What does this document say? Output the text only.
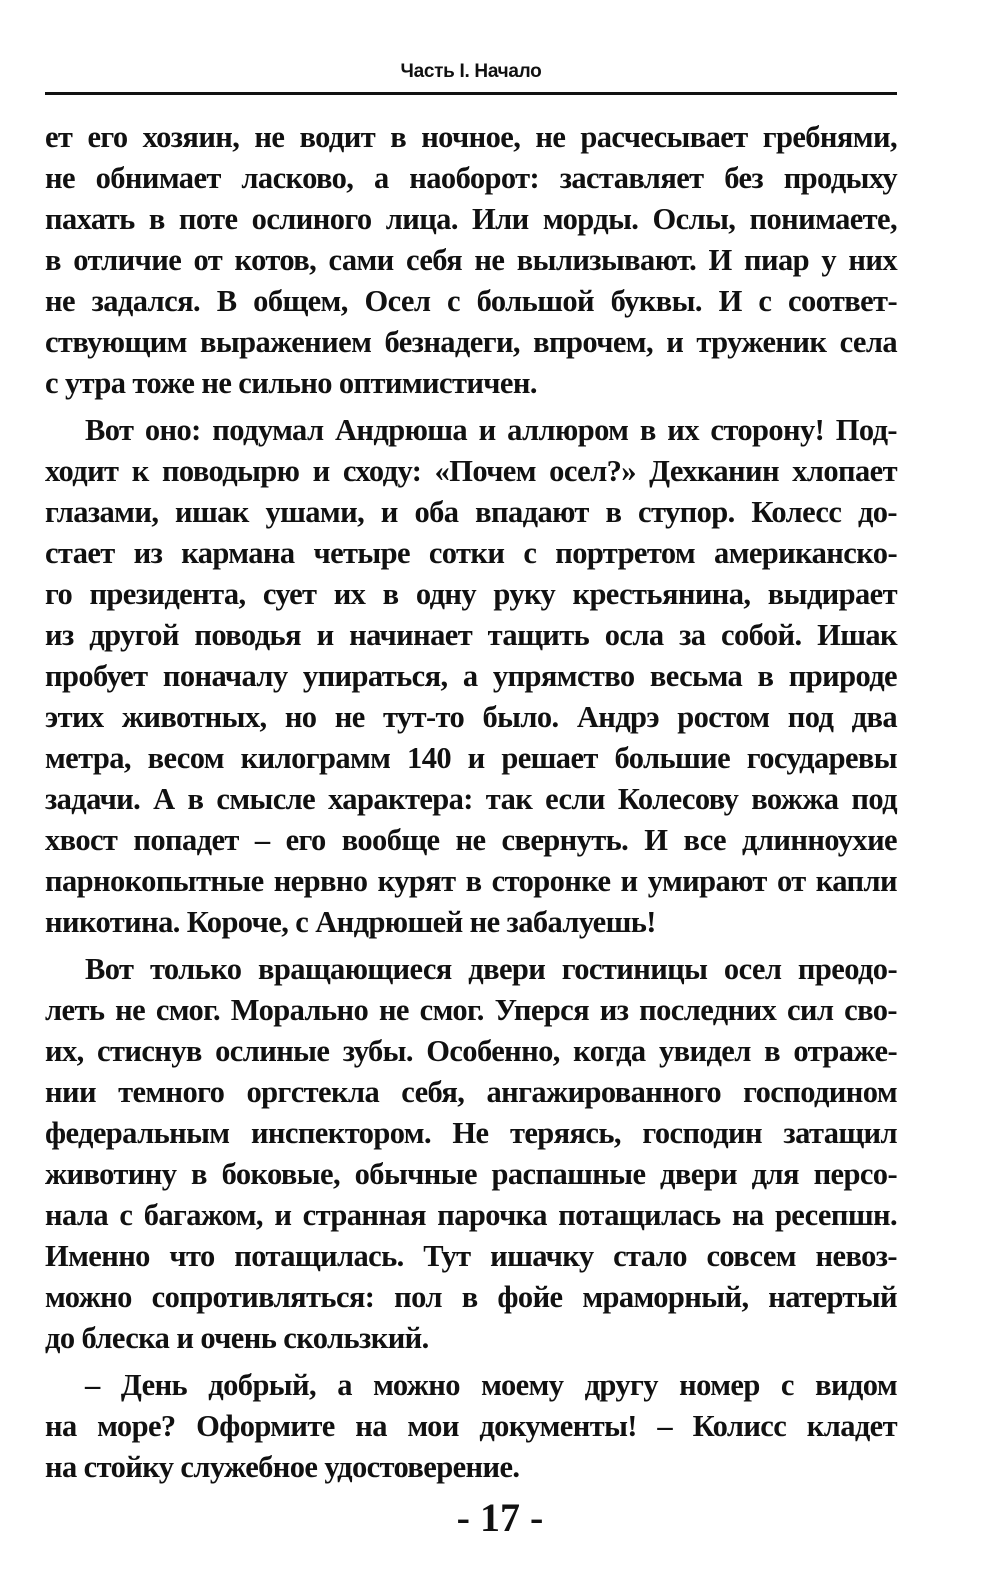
Часть I. Начало

ет его хозяин, не водит в ночное, не расчесывает гребнями,
не обнимает ласково, а наоборот: заставляет без продыху
пахать в поте ослиного лица. Или морды. Ослы, понимаете,
в отличие от котов, сами себя не вылизывают. И пиар у них
не задался. В общем, Осел с большой буквы. И с соответ-
ствующим выражением безнадеги, впрочем, и труженик села
с утра тоже не сильно оптимистичен.

Вот оно: подумал Андрюша и аллюром в их сторону! Под-
ходит к поводырю и сходу: «Почем осел?» Дехканин хлопает
глазами, ишак ушами, и оба впадают в ступор. Колесс до-
стает из кармана четыре сотки с портретом американско-
го президента, сует их в одну руку крестьянина, выдирает
из другой поводья и начинает тащить осла за собой. Ишак
пробует поначалу упираться, а упрямство весьма в природе
этих животных, но не тут-то было. Андрэ ростом под два
метра, весом килограмм 140 и решает большие государевы
задачи. А в смысле характера: так если Колесову вожжа под
хвост попадет – его вообще не свернуть. И все длинноухие
парнокопытные нервно курят в сторонке и умирают от капли
никотина. Короче, с Андрюшей не забалуешь!

Вот только вращающиеся двери гостиницы осел преодо-
леть не смог. Морально не смог. Уперся из последних сил сво-
их, стиснув ослиные зубы. Особенно, когда увидел в отраже-
нии темного оргстекла себя, ангажированного господином
федеральным инспектором. Не теряясь, господин затащил
животину в боковые, обычные распашные двери для персо-
нала с багажом, и странная парочка потащилась на ресепшн.
Именно что потащилась. Тут ишачку стало совсем невоз-
можно сопротивляться: пол в фойе мраморный, натертый
до блеска и очень скользкий.

– День добрый, а можно моему другу номер с видом
на море? Оформите на мои документы! – Колисс кладет
на стойку служебное удостоверение.

- 17 -
